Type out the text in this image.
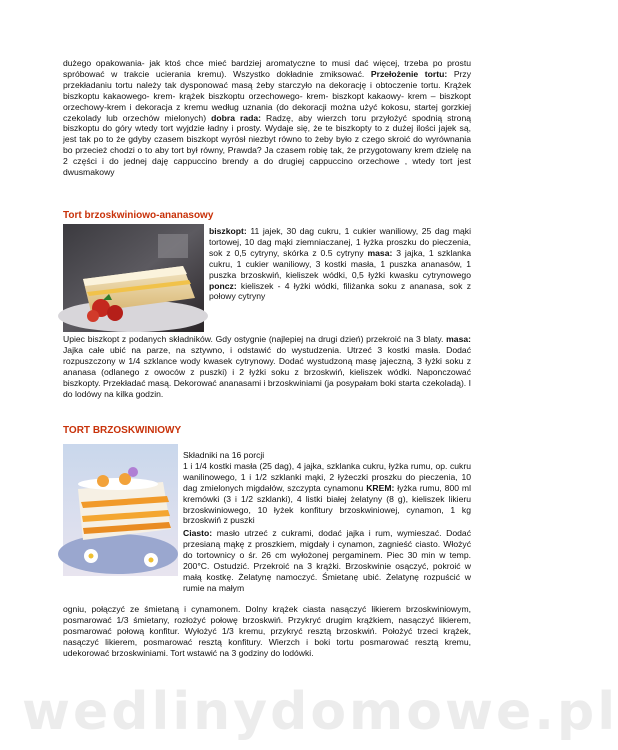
dużego opakowania- jak ktoś chce mieć bardziej aromatyczne to musi dać więcej, trzeba po prostu spróbować w trakcie ucierania kremu). Wszystko dokładnie zmiksować. Przełożenie tortu: Przy przekładaniu tortu należy tak dysponować masą żeby starczyło na dekorację i obtoczenie tortu. Krążek biszkoptu kakaowego- krem- krążek biszkoptu orzechowego- krem- biszkopt kakaowy- krem – biszkopt orzechowy-krem i dekoracja z kremu według uznania (do dekoracji można użyć kokosu, startej gorzkiej czekolady lub orzechów mielonych) dobra rada: Radzę, aby wierzch toru przyłożyć spodnią stroną biszkoptu do góry wtedy tort wyjdzie ładny i prosty. Wydaje się, że te biszkopty to z dużej ilości jajek są, jest tak po to że gdyby czasem biszkopt wyrósł niezbyt równo to żeby było z czego skroić do wyrównania bo przecież chodzi o to aby tort był równy, Prawda? Ja czasem robię tak, że przygotowany krem dzielę na 2 części i do jednej daję cappuccino brendy a do drugiej cappuccino orzechowe , wtedy tort jest dwusmakowy

Tort brzoskwiniowo-ananasowy

biszkopt: 11 jajek, 30 dag cukru, 1 cukier waniliowy, 25 dag mąki tortowej, 10 dag mąki ziemniaczanej, 1 łyżka proszku do pieczenia, sok z 0,5 cytryny, skórka z 0.5 cytryny masa: 3 jajka, 1 szklanka cukru, 1 cukier waniliowy, 3 kostki masła, 1 puszka ananasów, 1 puszka brzoskwiń, kieliszek wódki, 0,5 łyżki kwasku cytrynowego poncz: kieliszek - 4 łyżki wódki, filiżanka soku z ananasa, sok z połowy cytryny

Upiec biszkopt z podanych składników. Gdy ostygnie (najlepiej na drugi dzień) przekroić na 3 blaty. masa: Jajka całe ubić na parze, na sztywno, i odstawić do wystudzenia. Utrzeć 3 kostki masła. Dodać rozpuszczony w 1/4 szklance wody kwasek cytrynowy. Dodać wystudzoną masę jajeczną, 3 łyżki soku z ananasa (odlanego z owoców z puszki) i 2 łyżki soku z brzoskwiń, kieliszek wódki. Naponczować biszkopty. Przekładać masą. Dekorować ananasami i brzoskwiniami (ja posypałam boki starta czekoladą). I do lodówy na kilka godzin.

TORT BRZOSKWINIOWY

Składniki na 16 porcji
1 i 1/4 kostki masła (25 dag), 4 jajka, szklanka cukru, łyżka rumu, op. cukru wanilinowego, 1 i 1/2 szklanki mąki, 2 łyżeczki proszku do pieczenia, 10 dag zmielonych migdałów, szczypta cynamonu KREM: łyżka rumu, 800 ml kremówki (3 i 1/2 szklanki), 4 listki białej żelatyny (8 g), kieliszek likieru brzoskwiniowego, 10 łyżek konfitury brzoskwiniowej, cynamon, 1 kg brzoskwiń z puszki

Ciasto: masło utrzeć z cukrami, dodać jajka i rum, wymieszać. Dodać przesianą mąkę z proszkiem, migdały i cynamon, zagnieść ciasto. Włożyć do tortownicy o śr. 26 cm wyłożonej pergaminem. Piec 30 min w temp. 200°C. Ostudzić. Przekroić na 3 krążki. Brzoskwinie osączyć, pokroić w małą kostkę. Żelatynę namoczyć. Śmietanę ubić. Żelatynę rozpuścić w rumie na małym

ogniu, połączyć ze śmietaną i cynamonem. Dolny krążek ciasta nasączyć likierem brzoskwiniowym, posmarować 1/3 śmietany, rozłożyć połowę brzoskwiń. Przykryć drugim krążkiem, nasączyć likierem, posmarować połową konfitur. Wyłożyć 1/3 kremu, przykryć resztą brzoskwiń. Położyć trzeci krążek, nasączyć likierem, posmarować resztą konfitury. Wierzch i boki tortu posmarować resztą kremu, udekorować brzoskwiniami. Tort wstawić na 3 godziny do lodówki.

wedlinydomowe.pl
